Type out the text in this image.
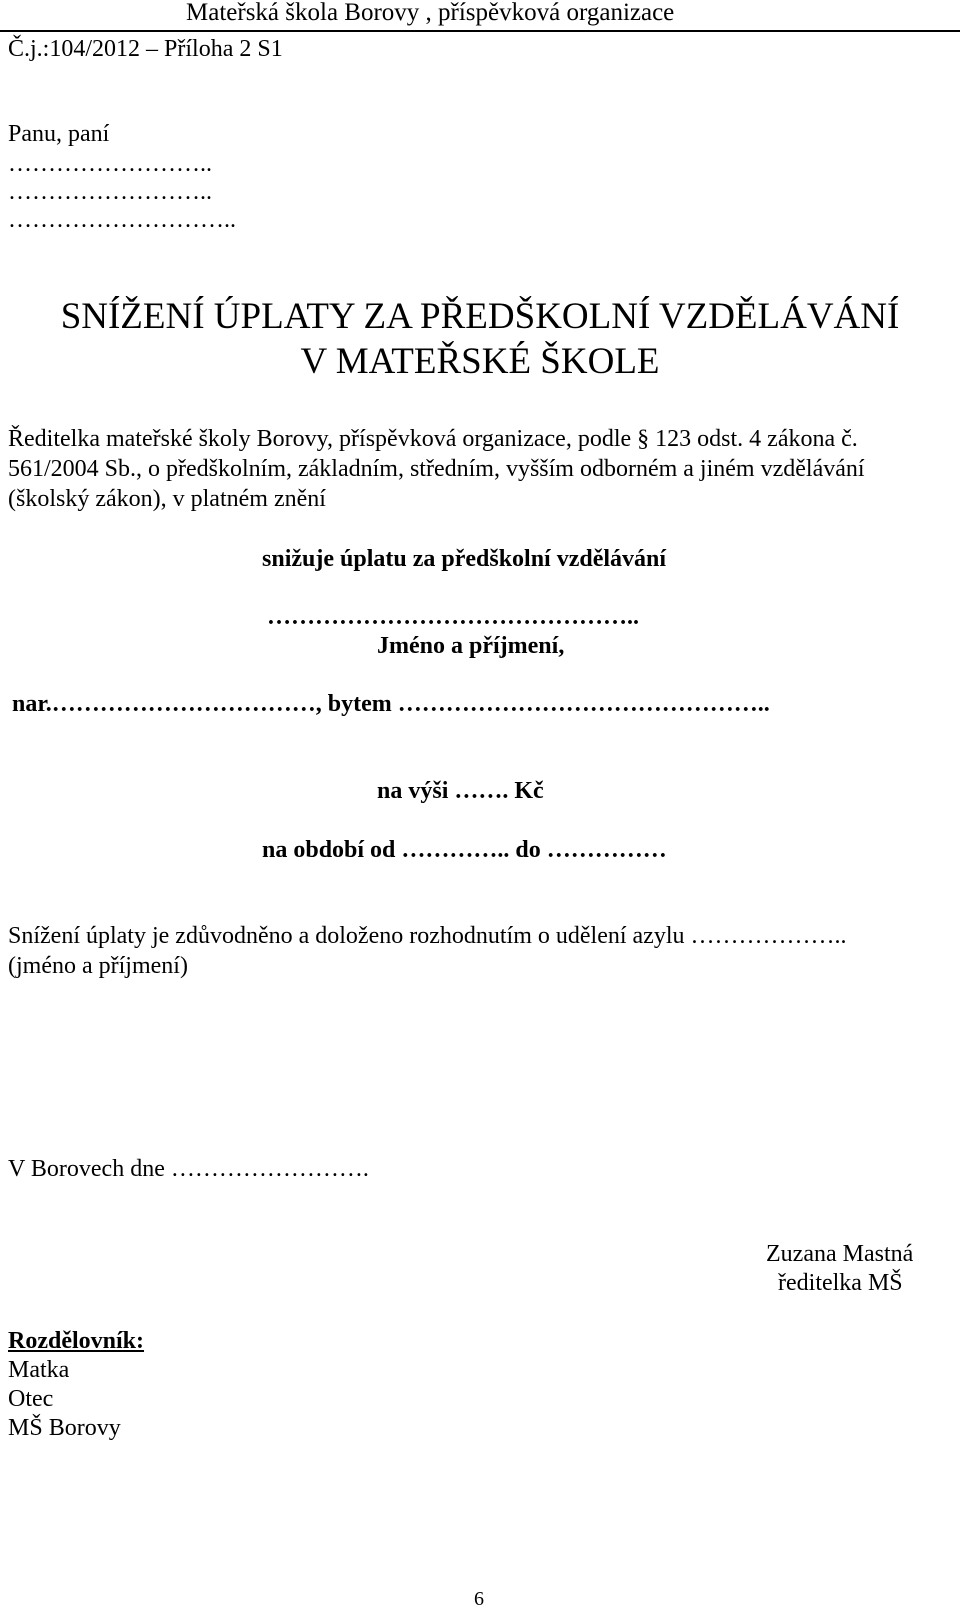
Mateřská škola Borovy , příspěvková organizace
Č.j.:104/2012 – Příloha 2 S1
Panu, paní
……………………..
……………………..
………………………..
SNÍŽENÍ ÚPLATY ZA PŘEDŠKOLNÍ VZDĚLÁVÁNÍ
V MATEŘSKÉ ŠKOLE
Ředitelka mateřské školy Borovy, příspěvková organizace, podle § 123 odst. 4 zákona č.
561/2004 Sb., o předškolním, základním, středním, vyšším odborném a jiném vzdělávání
(školský zákon), v platném znění
snižuje úplatu za předškolní vzdělávání
………………………………………..
Jméno a příjmení,
nar.……………………………, bytem ………………………………………..
na výši ……. Kč
na období od ………….. do ……………
Snížení úplaty je zdůvodněno a doloženo rozhodnutím o udělení azylu ………………..
(jméno a příjmení)
V Borovech dne …………………….
Zuzana Mastná
ředitelka MŠ
Rozdělovník:
Matka
Otec
MŠ Borovy
6
